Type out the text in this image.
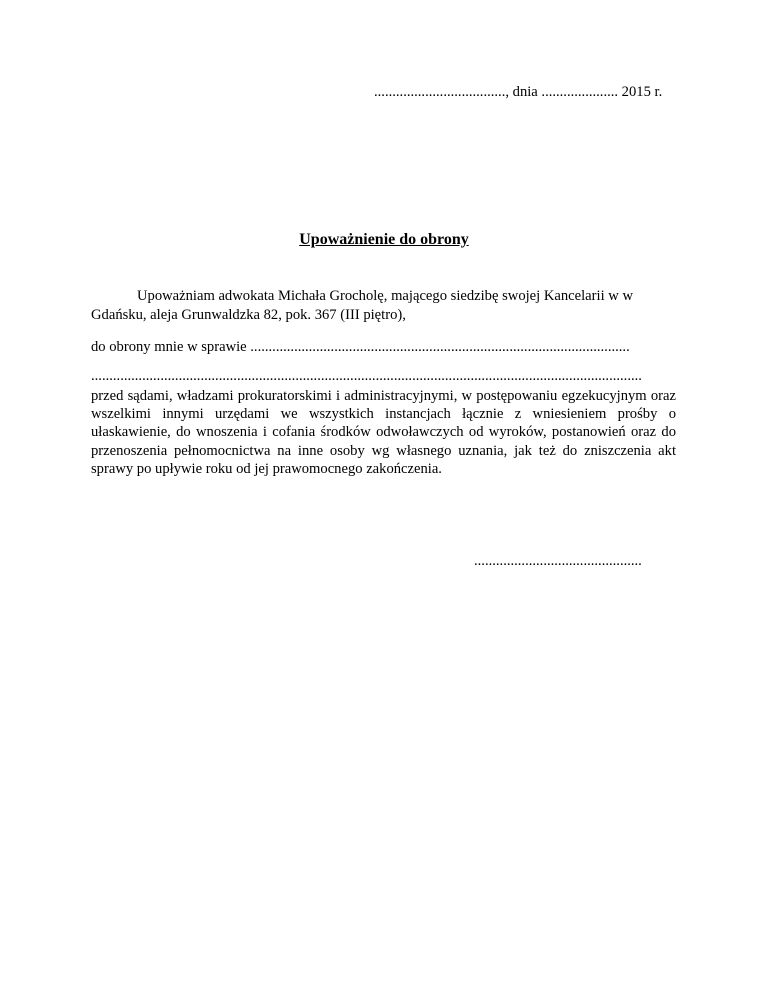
...................................., dnia ..................... 2015 r.
Upoważnienie do obrony

Upoważniam adwokata Michała Grocholę, mającego siedzibę swojej Kancelarii w w
Gdańsku, aleja Grunwaldzka 82, pok. 367 (III piętro),

do obrony mnie w sprawie ........................................................................................................
.......................................................................................................................................................

przed sądami, władzami prokuratorskimi i administracyjnymi, w postępowaniu egzekucyjnym oraz wszelkimi innymi urzędami we wszystkich instancjach łącznie z wniesieniem prośby o ułaskawienie, do wnoszenia i cofania środków odwoławczych od wyroków, postanowień oraz do przenoszenia pełnomocnictwa na inne osoby wg własnego uznania, jak też do zniszczenia akt sprawy po upływie roku od jej prawomocnego zakończenia.

..............................................
